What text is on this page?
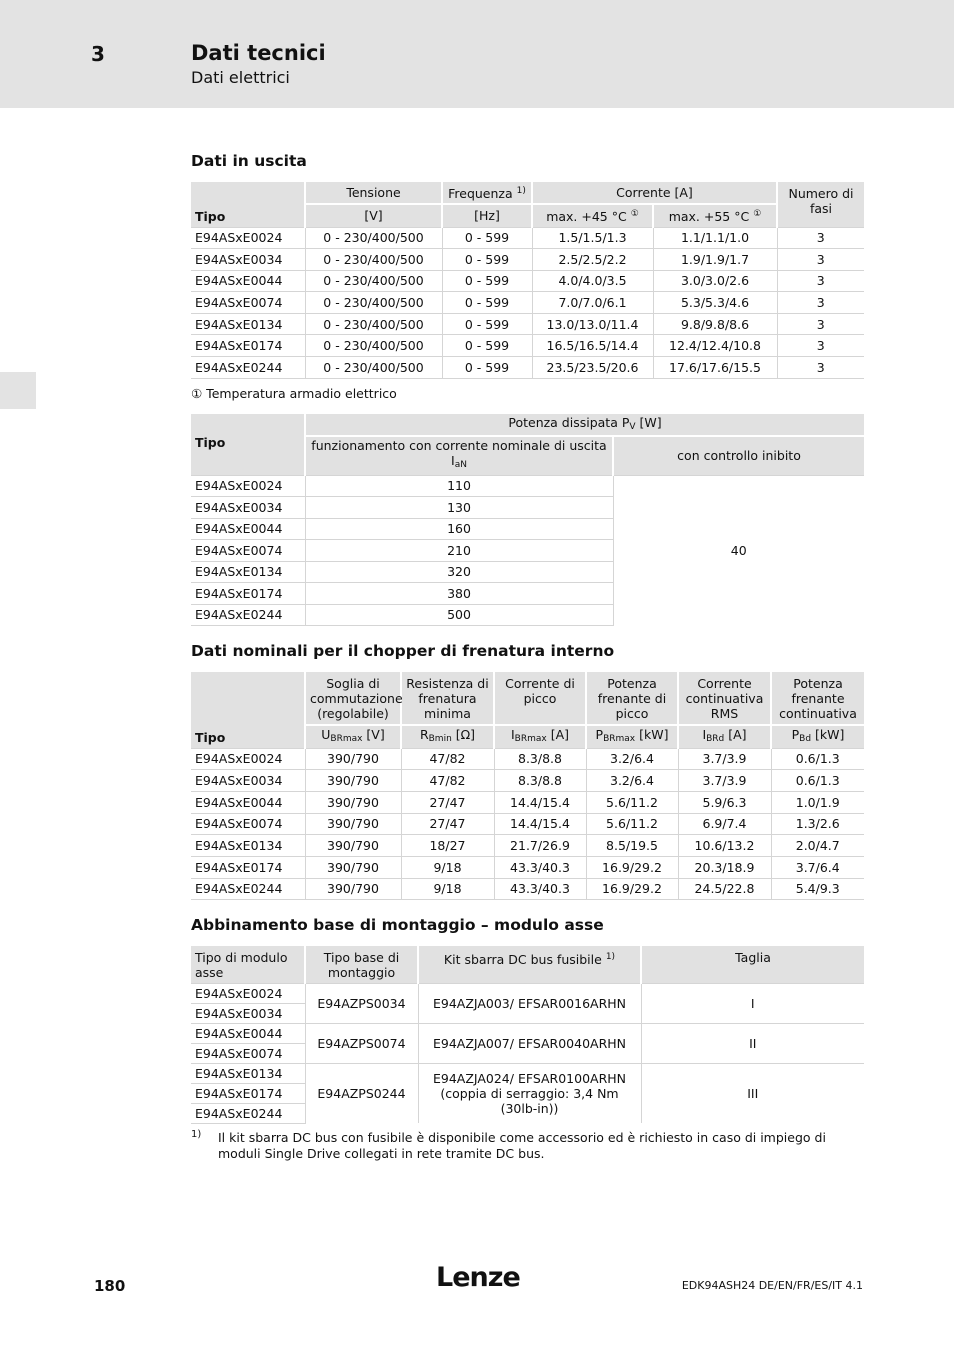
3	Dati tecnici
Dati elettrici
Dati in uscita
Tipo	Tensione	Frequenza $^{1)}$	Corrente [A]		Numero di fasi
	[V]	[Hz]	max. +45 °C ①	max. +55 °C ①
E94ASxE0024	0 - 230/400/500	0 - 599	1.5/1.5/1.3	1.1/1.1/1.0	3
E94ASxE0034	0 - 230/400/500	0 - 599	2.5/2.5/2.2	1.9/1.9/1.7	3
E94ASxE0044	0 - 230/400/500	0 - 599	4.0/4.0/3.5	3.0/3.0/2.6	3
E94ASxE0074	0 - 230/400/500	0 - 599	7.0/7.0/6.1	5.3/5.3/4.6	3
E94ASxE0134	0 - 230/400/500	0 - 599	13.0/13.0/11.4	9.8/9.8/8.6	3
E94ASxE0174	0 - 230/400/500	0 - 599	16.5/16.5/14.4	12.4/12.4/10.8	3
E94ASxE0244	0 - 230/400/500	0 - 599	23.5/23.5/20.6	17.6/17.6/15.5	3
① Temperatura armadio elettrico
Tipo	Potenza dissipata $P_V$ [W]	
	funzionamento con corrente nominale di uscita
$I_{aN}$	con controllo inibito
E94ASxE0024	110	40
E94ASxE0034	130	
E94ASxE0044	160	
E94ASxE0074	210	
E94ASxE0134	320	
E94ASxE0174	380	
E94ASxE0244	500	
Dati nominali per il chopper di frenatura interno
Tipo	Soglia di commutazione (regolabile)	Resistenza di frenatura minima	Corrente di picco	Potenza frenante di picco	Corrente continuativa RMS	Potenza frenante continuativa
	$U_{BRmax}$ [V]	$R_{Bmin}$ [Ω]	$I_{BRmax}$ [A]	$P_{BRmax}$ [kW]	$I_{BRd}$ [A]	$P_{Bd}$ [kW]
E94ASxE0024	390/790	47/82	8.3/8.8	3.2/6.4	3.7/3.9	0.6/1.3
E94ASxE0034	390/790	47/82	8.3/8.8	3.2/6.4	3.7/3.9	0.6/1.3
E94ASxE0044	390/790	27/47	14.4/15.4	5.6/11.2	5.9/6.3	1.0/1.9
E94ASxE0074	390/790	27/47	14.4/15.4	5.6/11.2	6.9/7.4	1.3/2.6
E94ASxE0134	390/790	18/27	21.7/26.9	8.5/19.5	10.6/13.2	2.0/4.7
E94ASxE0174	390/790	9/18	43.3/40.3	16.9/29.2	20.3/18.9	3.7/6.4
E94ASxE0244	390/790	9/18	43.3/40.3	16.9/29.2	24.5/22.8	5.4/9.3
Abbinamento base di montaggio – modulo asse
Tipo di modulo asse	Tipo base di montaggio	Kit sbarra DC bus fusibile $^{1)}$	Taglia
E94ASxE0024	E94AZPS0034	E94AZJA003/ EFSAR0016ARHN	I
E94ASxE0034			
E94ASxE0044	E94AZPS0074	E94AZJA007/ EFSAR0040ARHN	II
E94ASxE0074			
E94ASxE0134	E94AZPS0244	E94AZJA024/ EFSAR0100ARHN
(coppia di serraggio: 3,4 Nm
(30lb-in))	III
E94ASxE0174			
E94ASxE0244			
1) Il kit sbarra DC bus con fusibile è disponibile come accessorio ed è richiesto in caso di impiego di moduli Single Drive collegati in rete tramite DC bus.
180	Lenze	EDK94ASH24 DE/EN/FR/ES/IT 4.1
